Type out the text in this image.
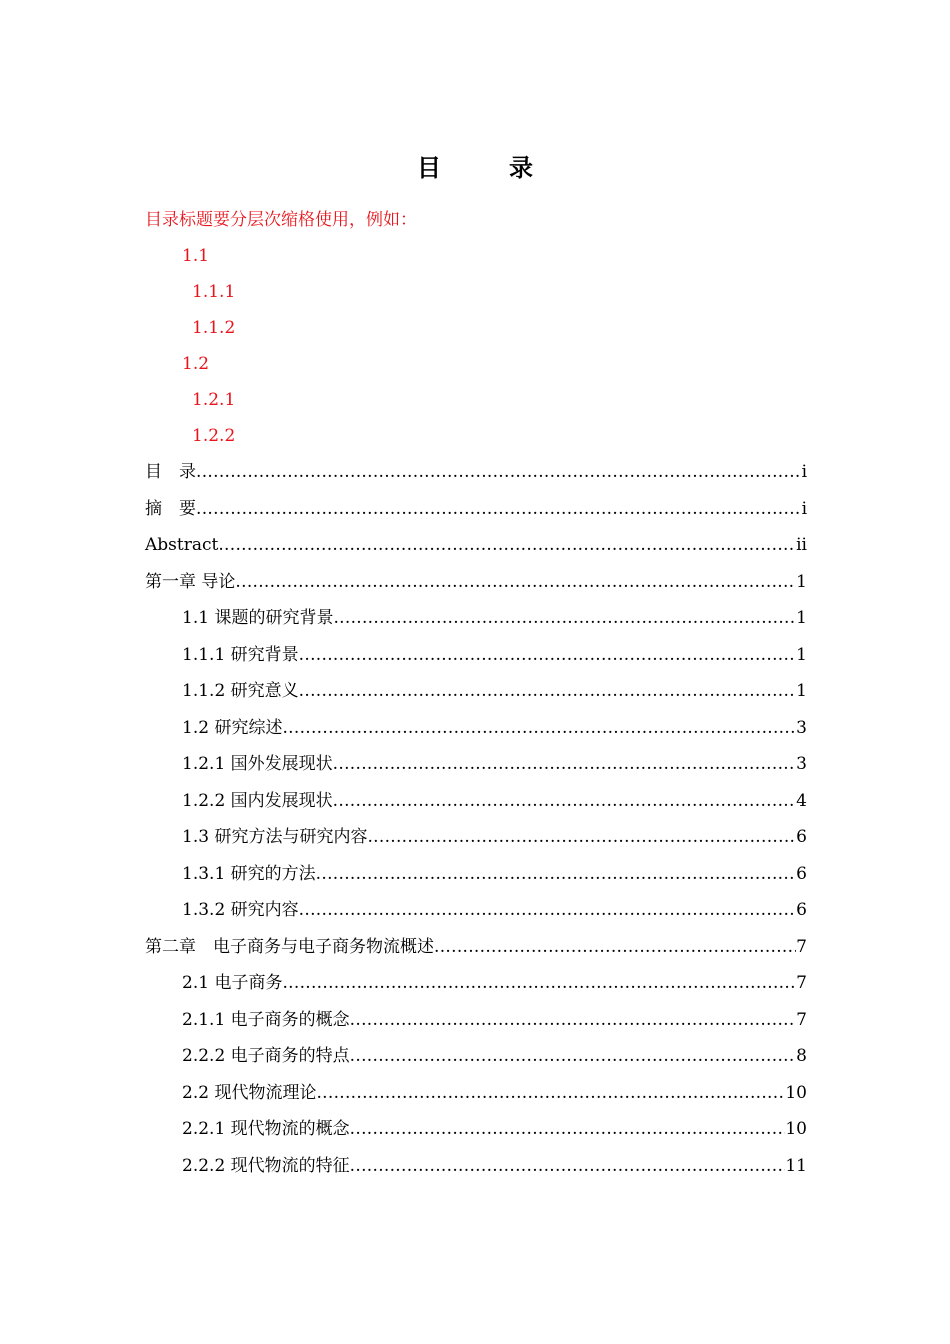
目　录
目录标题要分层次缩格使用，例如：
1.1
1.1.1
1.1.2
1.2
1.2.1
1.2.2
目　录 .....	i
摘　要 .....	i
Abstract .....	ii
第一章 导论 .....	1
1.1 课题的研究背景 .....	1
1.1.1 研究背景 .....	1
1.1.2 研究意义 .....	1
1.2 研究综述 .....	3
1.2.1 国外发展现状 .....	3
1.2.2 国内发展现状 .....	4
1.3 研究方法与研究内容 .....	6
1.3.1 研究的方法 .....	6
1.3.2 研究内容 .....	6
第二章　电子商务与电子商务物流概述 .....	7
2.1 电子商务 .....	7
2.1.1 电子商务的概念 .....	7
2.2.2 电子商务的特点 .....	8
2.2 现代物流理论 .....	10
2.2.1 现代物流的概念 .....	10
2.2.2 现代物流的特征 .....	11
